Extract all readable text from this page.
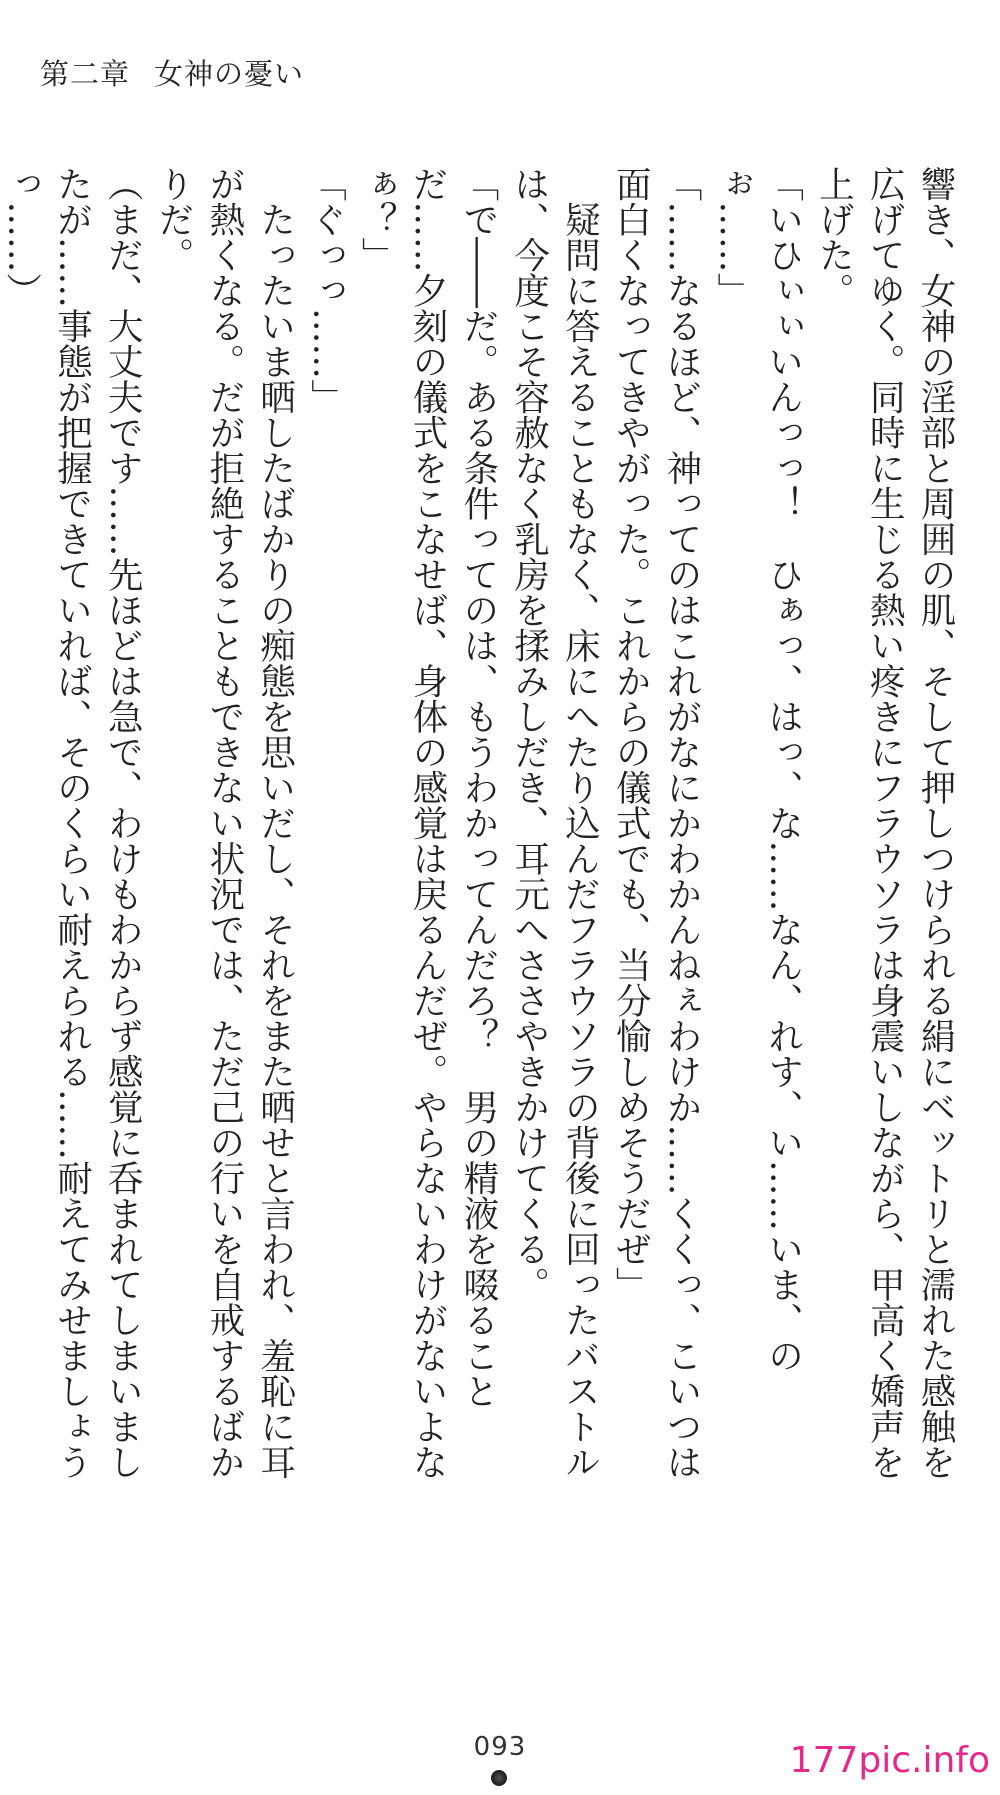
第二章 女神の憂い

響き、女神の淫部と周囲の肌、そして押しつけられる絹にベットリと濡れた感触を広げてゆく。同時に生じる熱い疼きにフラウソラは身震いしながら、甲高く嬌声を上げた。

「いひぃぃいんっっ！　ひぁっ、はっ、な……なん、れす、い……いま、のぉ……」

「……なるほど、神ってのはこれがなにかわかんねぇわけか……くくっ、こいつは面白くなってきやがった。これからの儀式でも、当分愉しめそうだぜ」

　疑問に答えることもなく、床にへたり込んだフラウソラの背後に回ったバストルは、今度こそ容赦なく乳房を揉みしだき、耳元へささやきかけてくる。

「で――だ。ある条件ってのは、もうわかってんだろ？　男の精液を啜ることだ……夕刻の儀式をこなせば、身体の感覚は戻るんだぜ。やらないわけがないよなぁ？」

「ぐっっ……」

　たったいま晒したばかりの痴態を思いだし、それをまた晒せと言われ、羞恥に耳が熱くなる。だが拒絶することもできない状況では、ただ己の行いを自戒するばかりだ。

（まだ、大丈夫です……先ほどは急で、わけもわからず感覚に呑まれてしまいましたが……事態が把握できていれば、そのくらい耐えられる……耐えてみせましょうっ……）

093	177pic.info
